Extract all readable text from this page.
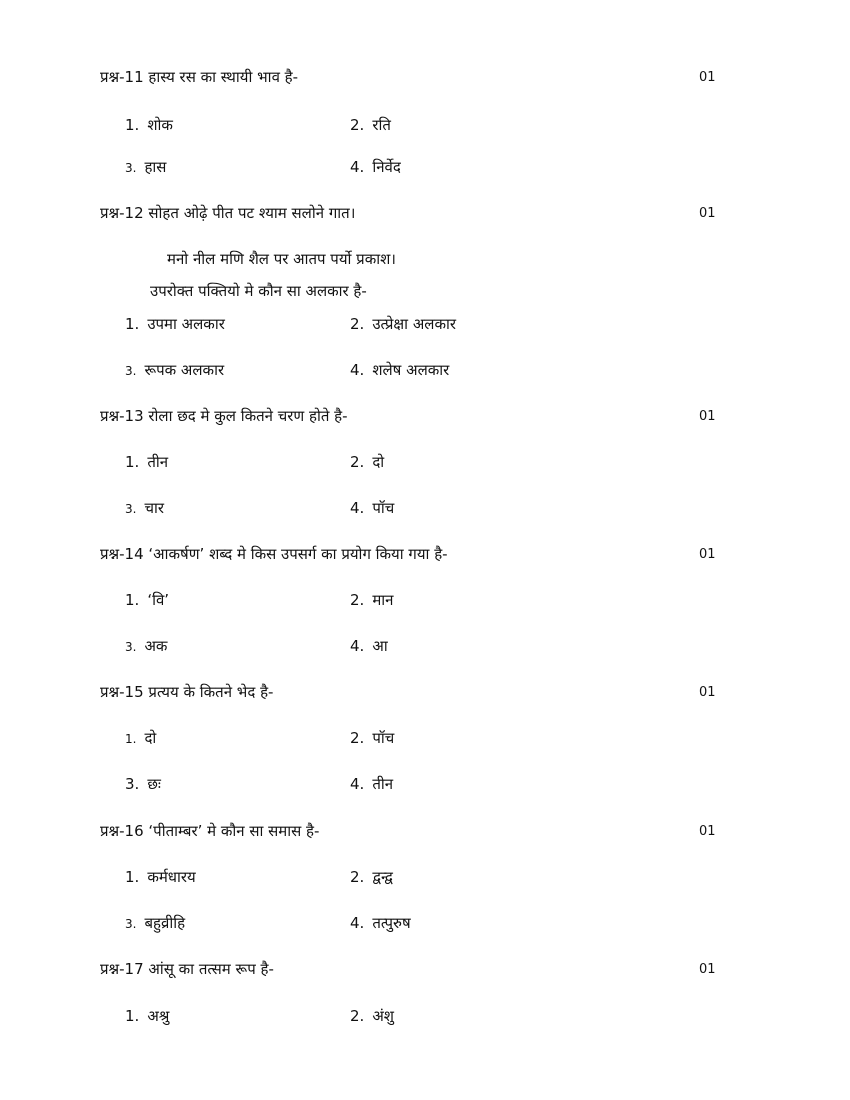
प्रश्न-11 हास्य रस का स्थायी भाव है-	01
1. शोक	2. रति
3. हास	4. निर्वेद
प्रश्न-12 सोहत ओढ़े पीत पट श्याम सलोने गात।	01
मनो नील मणि शैल पर आतप पर्यो प्रकाश।
उपरोक्त पक्तियो मे कौन सा अलकार है-
1. उपमा अलकार	2. उत्प्रेक्षा अलकार
3. रूपक अलकार	4. शलेष अलकार
प्रश्न-13 रोला छद मे कुल कितने चरण होते है-	01
1. तीन	2. दो
3. चार	4. पॉच
प्रश्न-14 ‘आकर्षण’ शब्द मे किस उपसर्ग का प्रयोग किया गया है-	01
1. ‘वि’	2. मान
3. अक	4. आ
प्रश्न-15 प्रत्यय के कितने भेद है-	01
1. दो	2. पॉच
3. छः	4. तीन
प्रश्न-16 ‘पीताम्बर’ मे कौन सा समास है-	01
1. कर्मधारय	2. द्वन्द्व
3. बहुव्रीहि	4. तत्पुरुष
प्रश्न-17 आंसू का तत्सम रूप है-	01
1. अश्रु	2. अंशु
